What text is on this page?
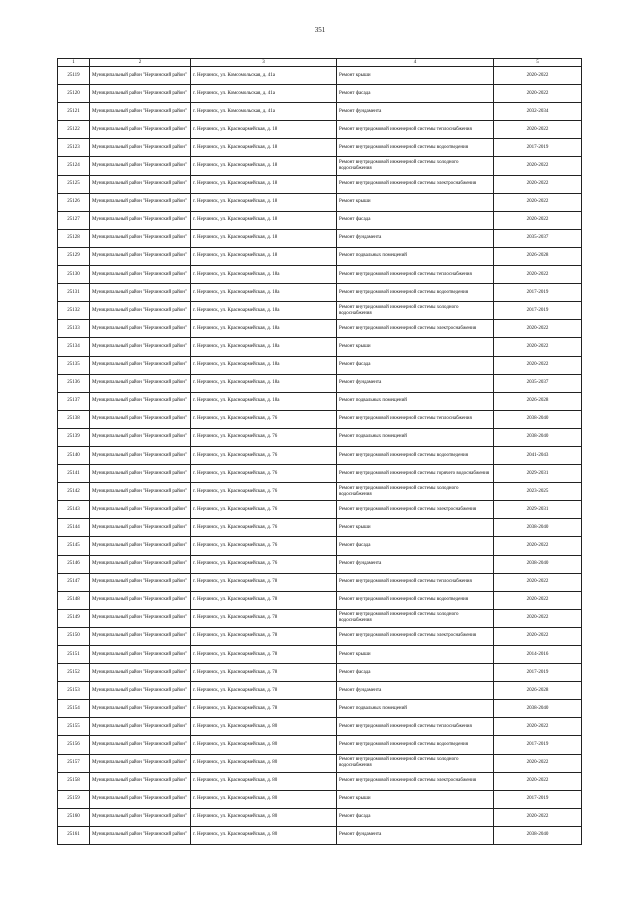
351
1	2	3	4	5
25119	Муниципальный район "Нерчинский район"	г. Нерчинск, ул. Комсомольская, д. 41а	Ремонт крыши	2020-2022
25120	Муниципальный район "Нерчинский район"	г. Нерчинск, ул. Комсомольская, д. 41а	Ремонт фасада	2020-2022
25121	Муниципальный район "Нерчинский район"	г. Нерчинск, ул. Комсомольская, д. 41а	Ремонт фундамента	2032-2034
25122	Муниципальный район "Нерчинский район"	г. Нерчинск, ул. Красноармейская, д. 18	Ремонт внутридомовой инженерной системы теплоснабжения	2020-2022
25123	Муниципальный район "Нерчинский район"	г. Нерчинск, ул. Красноармейская, д. 18	Ремонт внутридомовой инженерной системы водоотведения	2017-2019
25124	Муниципальный район "Нерчинский район"	г. Нерчинск, ул. Красноармейская, д. 18	Ремонт внутридомовой инженерной системы холодного водоснабжения	2020-2022
25125	Муниципальный район "Нерчинский район"	г. Нерчинск, ул. Красноармейская, д. 18	Ремонт внутридомовой инженерной системы электроснабжения	2020-2022
25126	Муниципальный район "Нерчинский район"	г. Нерчинск, ул. Красноармейская, д. 18	Ремонт крыши	2020-2022
25127	Муниципальный район "Нерчинский район"	г. Нерчинск, ул. Красноармейская, д. 18	Ремонт фасада	2020-2022
25128	Муниципальный район "Нерчинский район"	г. Нерчинск, ул. Красноармейская, д. 18	Ремонт фундамента	2035-2037
25129	Муниципальный район "Нерчинский район"	г. Нерчинск, ул. Красноармейская, д. 18	Ремонт подвальных помещений	2026-2028
25130	Муниципальный район "Нерчинский район"	г. Нерчинск, ул. Красноармейская, д. 18а	Ремонт внутридомовой инженерной системы теплоснабжения	2020-2022
25131	Муниципальный район "Нерчинский район"	г. Нерчинск, ул. Красноармейская, д. 18а	Ремонт внутридомовой инженерной системы водоотведения	2017-2019
25132	Муниципальный район "Нерчинский район"	г. Нерчинск, ул. Красноармейская, д. 18а	Ремонт внутридомовой инженерной системы холодного водоснабжения	2017-2019
25133	Муниципальный район "Нерчинский район"	г. Нерчинск, ул. Красноармейская, д. 18а	Ремонт внутридомовой инженерной системы электроснабжения	2020-2022
25134	Муниципальный район "Нерчинский район"	г. Нерчинск, ул. Красноармейская, д. 18а	Ремонт крыши	2020-2022
25135	Муниципальный район "Нерчинский район"	г. Нерчинск, ул. Красноармейская, д. 18а	Ремонт фасада	2020-2022
25136	Муниципальный район "Нерчинский район"	г. Нерчинск, ул. Красноармейская, д. 18а	Ремонт фундамента	2035-2037
25137	Муниципальный район "Нерчинский район"	г. Нерчинск, ул. Красноармейская, д. 18а	Ремонт подвальных помещений	2026-2028
25138	Муниципальный район "Нерчинский район"	г. Нерчинск, ул. Красноармейская, д. 76	Ремонт внутридомовой инженерной системы теплоснабжения	2038-2040
25139	Муниципальный район "Нерчинский район"	г. Нерчинск, ул. Красноармейская, д. 76	Ремонт подвальных помещений	2038-2040
25140	Муниципальный район "Нерчинский район"	г. Нерчинск, ул. Красноармейская, д. 76	Ремонт внутридомовой инженерной системы водоотведения	2041-2043
25141	Муниципальный район "Нерчинский район"	г. Нерчинск, ул. Красноармейская, д. 76	Ремонт внутридомовой инженерной системы горячего водоснабжения	2029-2031
25142	Муниципальный район "Нерчинский район"	г. Нерчинск, ул. Красноармейская, д. 76	Ремонт внутридомовой инженерной системы холодного водоснабжения	2023-2025
25143	Муниципальный район "Нерчинский район"	г. Нерчинск, ул. Красноармейская, д. 76	Ремонт внутридомовой инженерной системы электроснабжения	2029-2031
25144	Муниципальный район "Нерчинский район"	г. Нерчинск, ул. Красноармейская, д. 76	Ремонт крыши	2038-2040
25145	Муниципальный район "Нерчинский район"	г. Нерчинск, ул. Красноармейская, д. 76	Ремонт фасада	2020-2022
25146	Муниципальный район "Нерчинский район"	г. Нерчинск, ул. Красноармейская, д. 76	Ремонт фундамента	2038-2040
25147	Муниципальный район "Нерчинский район"	г. Нерчинск, ул. Красноармейская, д. 78	Ремонт внутридомовой инженерной системы теплоснабжения	2020-2022
25148	Муниципальный район "Нерчинский район"	г. Нерчинск, ул. Красноармейская, д. 78	Ремонт внутридомовой инженерной системы водоотведения	2020-2022
25149	Муниципальный район "Нерчинский район"	г. Нерчинск, ул. Красноармейская, д. 78	Ремонт внутридомовой инженерной системы холодного водоснабжения	2020-2022
25150	Муниципальный район "Нерчинский район"	г. Нерчинск, ул. Красноармейская, д. 78	Ремонт внутридомовой инженерной системы электроснабжения	2020-2022
25151	Муниципальный район "Нерчинский район"	г. Нерчинск, ул. Красноармейская, д. 78	Ремонт крыши	2014-2016
25152	Муниципальный район "Нерчинский район"	г. Нерчинск, ул. Красноармейская, д. 78	Ремонт фасада	2017-2019
25153	Муниципальный район "Нерчинский район"	г. Нерчинск, ул. Красноармейская, д. 78	Ремонт фундамента	2026-2028
25154	Муниципальный район "Нерчинский район"	г. Нерчинск, ул. Красноармейская, д. 78	Ремонт подвальных помещений	2038-2040
25155	Муниципальный район "Нерчинский район"	г. Нерчинск, ул. Красноармейская, д. 80	Ремонт внутридомовой инженерной системы теплоснабжения	2020-2022
25156	Муниципальный район "Нерчинский район"	г. Нерчинск, ул. Красноармейская, д. 80	Ремонт внутридомовой инженерной системы водоотведения	2017-2019
25157	Муниципальный район "Нерчинский район"	г. Нерчинск, ул. Красноармейская, д. 80	Ремонт внутридомовой инженерной системы холодного водоснабжения	2020-2022
25158	Муниципальный район "Нерчинский район"	г. Нерчинск, ул. Красноармейская, д. 80	Ремонт внутридомовой инженерной системы электроснабжения	2020-2022
25159	Муниципальный район "Нерчинский район"	г. Нерчинск, ул. Красноармейская, д. 80	Ремонт крыши	2017-2019
25160	Муниципальный район "Нерчинский район"	г. Нерчинск, ул. Красноармейская, д. 80	Ремонт фасада	2020-2022
25161	Муниципальный район "Нерчинский район"	г. Нерчинск, ул. Красноармейская, д. 80	Ремонт фундамента	2038-2040
